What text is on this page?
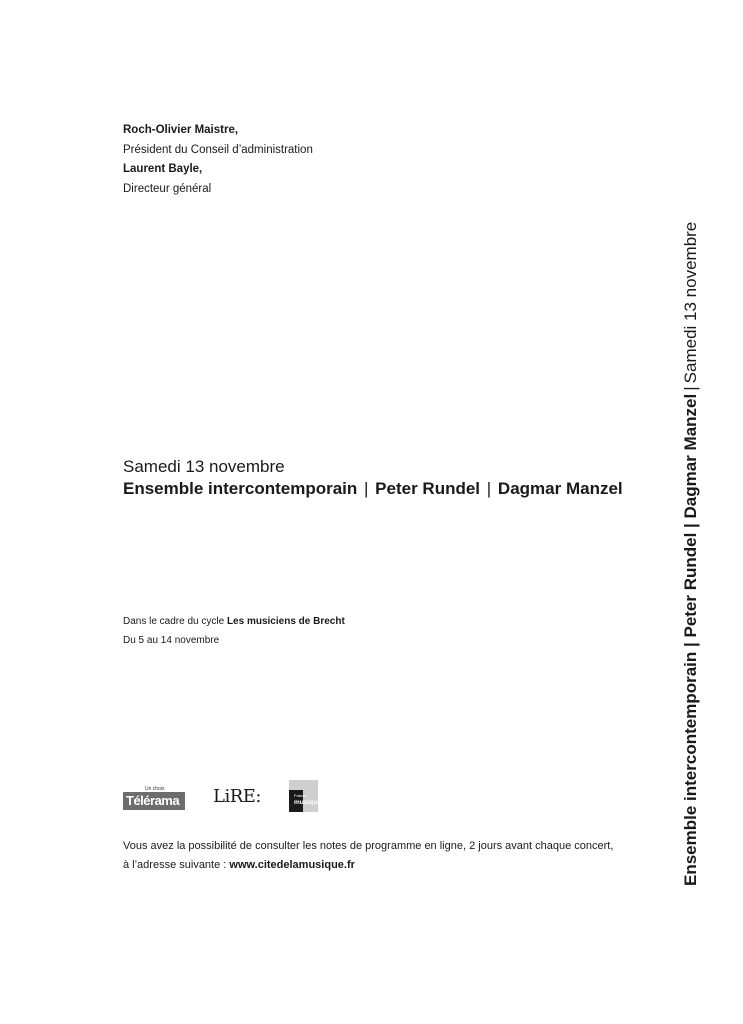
Roch-Olivier Maistre,
Président du Conseil d’administration
Laurent Bayle,
Directeur général
Samedi 13 novembre
Ensemble intercontemporain | Peter Rundel | Dagmar Manzel
Dans le cadre du cycle Les musiciens de Brecht
Du 5 au 14 novembre
Un choix
Télérama LiRE:	France
musique
Vous avez la possibilité de consulter les notes de programme en ligne, 2 jours avant chaque concert,
à l’adresse suivante : www.citedelamusique.fr	Ensemble intercontemporain | Peter Rundel | Dagmar Manzel|Samedi 13 novembre
